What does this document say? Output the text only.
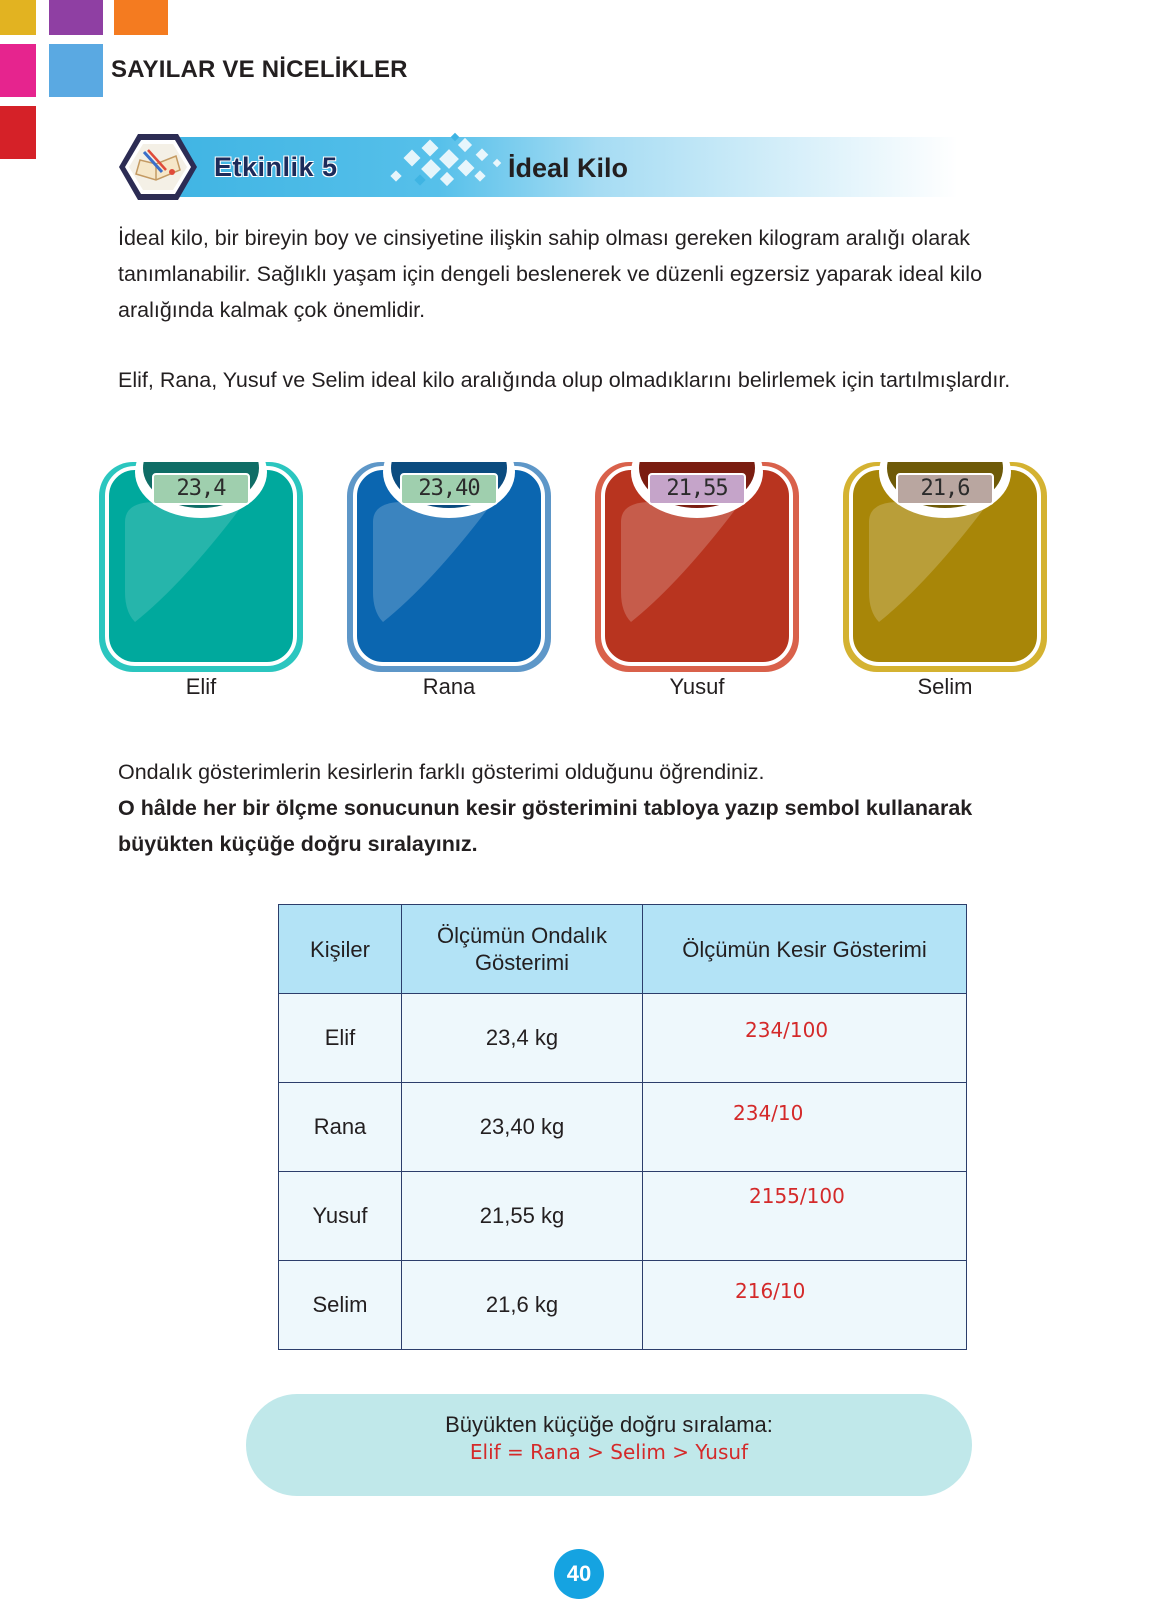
SAYILAR VE NİCELİKLER
Etkinlik 5	İdeal Kilo

İdeal kilo, bir bireyin boy ve cinsiyetine ilişkin sahip olması gereken kilogram aralığı olarak tanımlanabilir. Sağlıklı yaşam için dengeli beslenerek ve düzenli egzersiz yaparak ideal kilo aralığında kalmak çok önemlidir.

Elif, Rana, Yusuf ve Selim ideal kilo aralığında olup olmadıklarını belirlemek için tartılmışlardır.

23,4
Elif
23,40
Rana
21,55
Yusuf
21,6
Selim

Ondalık gösterimlerin kesirlerin farklı gösterimi olduğunu öğrendiniz.

O hâlde her bir ölçme sonucunun kesir gösterimini tabloya yazıp sembol kullanarak büyükten küçüğe doğru sıralayınız.

Kişiler	Ölçümün Ondalık Gösterimi	Ölçümün Kesir Gösterimi
Elif	23,4 kg	234/100

Rana	23,40 kg	234/10

Yusuf	21,55 kg	2155/100

Selim	21,6 kg	216/10
Büyükten küçüğe doğru sıralama:
Elif = Rana > Selim > Yusuf
40
